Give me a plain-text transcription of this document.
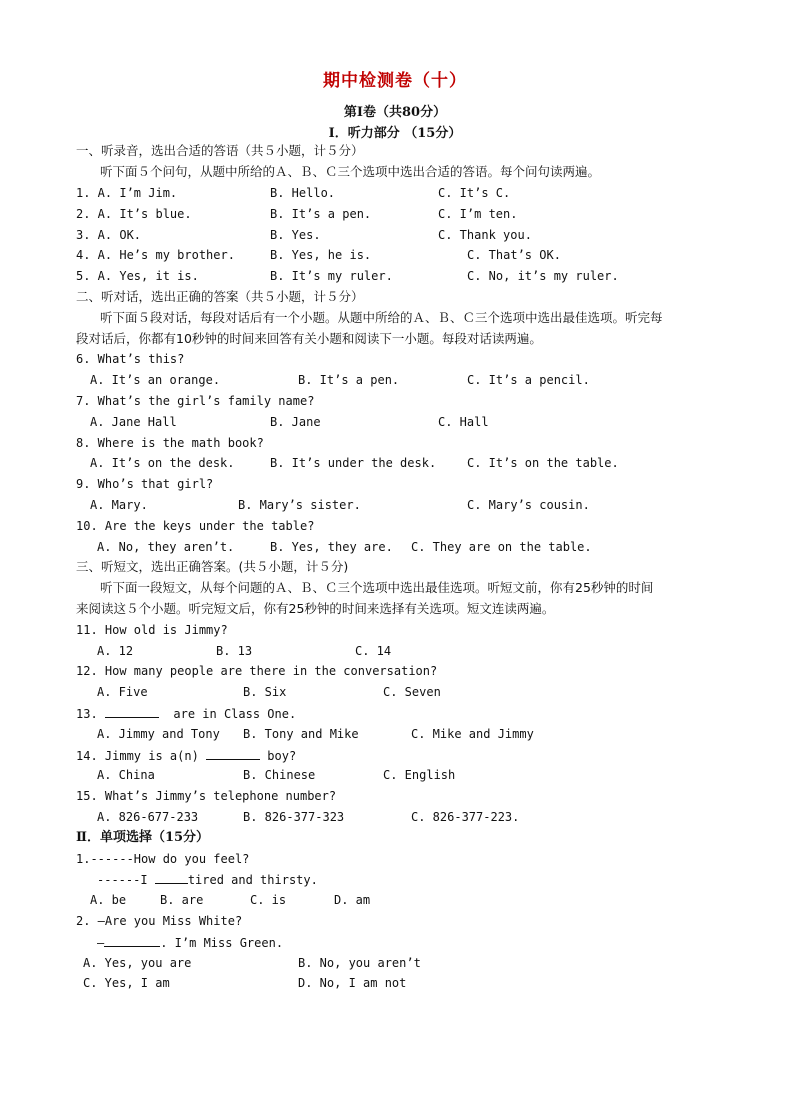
期中检测卷（十）
第Ⅰ卷（共80分）
Ⅰ．听力部分 （15分）
一、听录音，选出合适的答语（共５小题，计５分）
听下面５个问句，从题中所给的Ａ、Ｂ、Ｃ三个选项中选出合适的答语。每个问句读两遍。
1. A. I’m Jim.	B. Hello.	C. It’s C.
2. A. It’s blue.	B. It’s a pen.	C. I’m ten.
3. A. OK.	B. Yes.	C. Thank you.
4. A. He’s my brother.	B. Yes, he is.	C. That’s OK.
5. A. Yes, it is.	B. It’s my ruler.	C. No, it’s my ruler.
二、听对话，选出正确的答案（共５小题，计５分）
听下面５段对话，每段对话后有一个小题。从题中所给的Ａ、Ｂ、Ｃ三个选项中选出最佳选项。听完每
段对话后，你都有10秒钟的时间来回答有关小题和阅读下一小题。每段对话读两遍。
6. What’s this?
A. It’s an orange.	B. It’s a pen.	C. It’s a pencil.
7. What’s the girl’s family name?
A. Jane Hall	B. Jane	C. Hall
8. Where is the math book?
A. It’s on the desk.	B. It’s under the desk.	C. It’s on the table.
9. Who’s that girl?
A. Mary.	B. Mary’s sister.	C. Mary’s cousin.
10. Are the keys under the table?
A. No, they aren’t.	B. Yes, they are. C. They are on the table.
三、听短文，选出正确答案。(共５小题，计５分)
听下面一段短文，从每个问题的Ａ、Ｂ、Ｃ三个选项中选出最佳选项。听短文前，你有25秒钟的时间
来阅读这５个小题。听完短文后，你有25秒钟的时间来选择有关选项。短文连读两遍。
11. How old is Jimmy?
A. 12	B. 13	C. 14
12. How many people are there in the conversation?
A. Five	B. Six	C. Seven
13.	are in Class One.
A. Jimmy and Tony B. Tony and Mike	C. Mike and Jimmy
14. Jimmy is a(n)	boy?
A. China	B. Chinese	C. English
15. What’s Jimmy’s telephone number?
A. 826-677-233	B. 826-377-323	C. 826-377-223.
Ⅱ．单项选择（15分）
1.------How do you feel?
------I	tired and thirsty.
A. be	B. are	C. is	D. am
2. —Are you Miss White?
—	. I’m Miss Green.
A. Yes, you are	B. No, you aren’t
C. Yes, I am	D. No, I am not
